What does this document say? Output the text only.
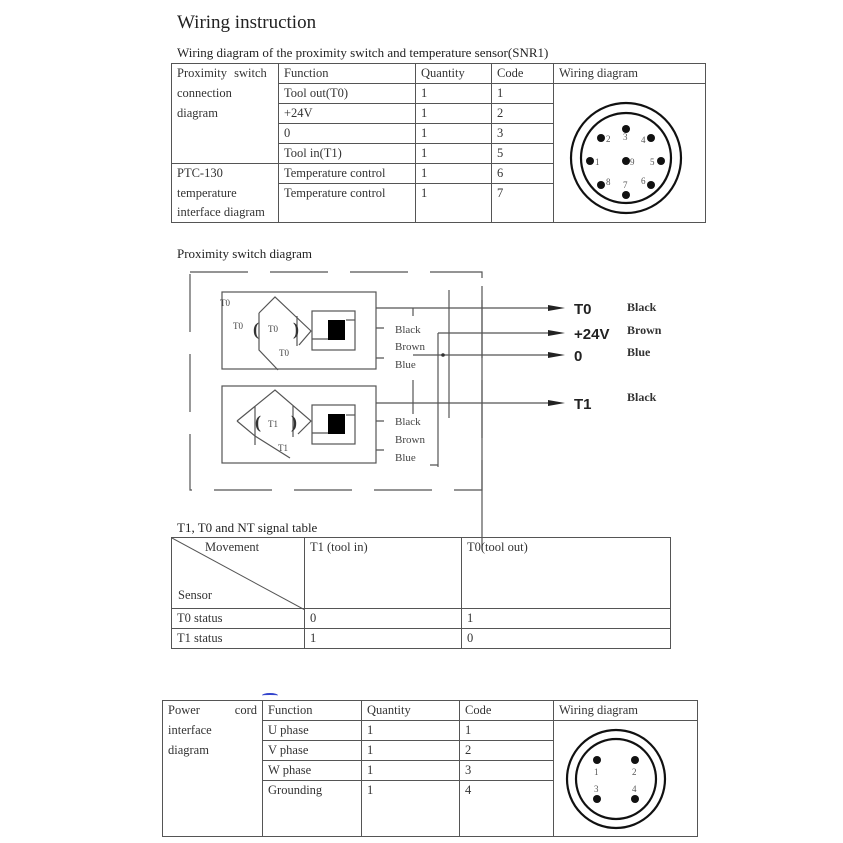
Wiring instruction
Wiring diagram of the proximity switch and temperature sensor(SNR1)
Proximity switch	Function	Quantity	Code	Wiring diagram
connection	Tool out(T0)	1	1	
2 3 4
1	9 5
8 7 6

diagram	+24V	1	2	
	0	1	3	
	Tool in(T1)	1	5	
PTC-130	Temperature control	1	6	
temperature	Temperature control	1	7	
interface diagram				
Proximity switch diagram
T0
T0	T0
T0
T1
T1
( )
( )
Black
Brown
Blue
Black
Brown
Blue
T0
+24V
0
T1
Black
Brown
Blue
Black
T1, T0 and NT signal table
Movement
Sensor	T1 (tool in)	T0(tool out)
T0 status	0	1
T1 status	1	0
Power cord	Function	Quantity	Code	Wiring diagram
interface	U phase	1	1	1 2
3 4

diagram	V phase	1	2	
	W phase	1	3	
	Grounding	1	4	
